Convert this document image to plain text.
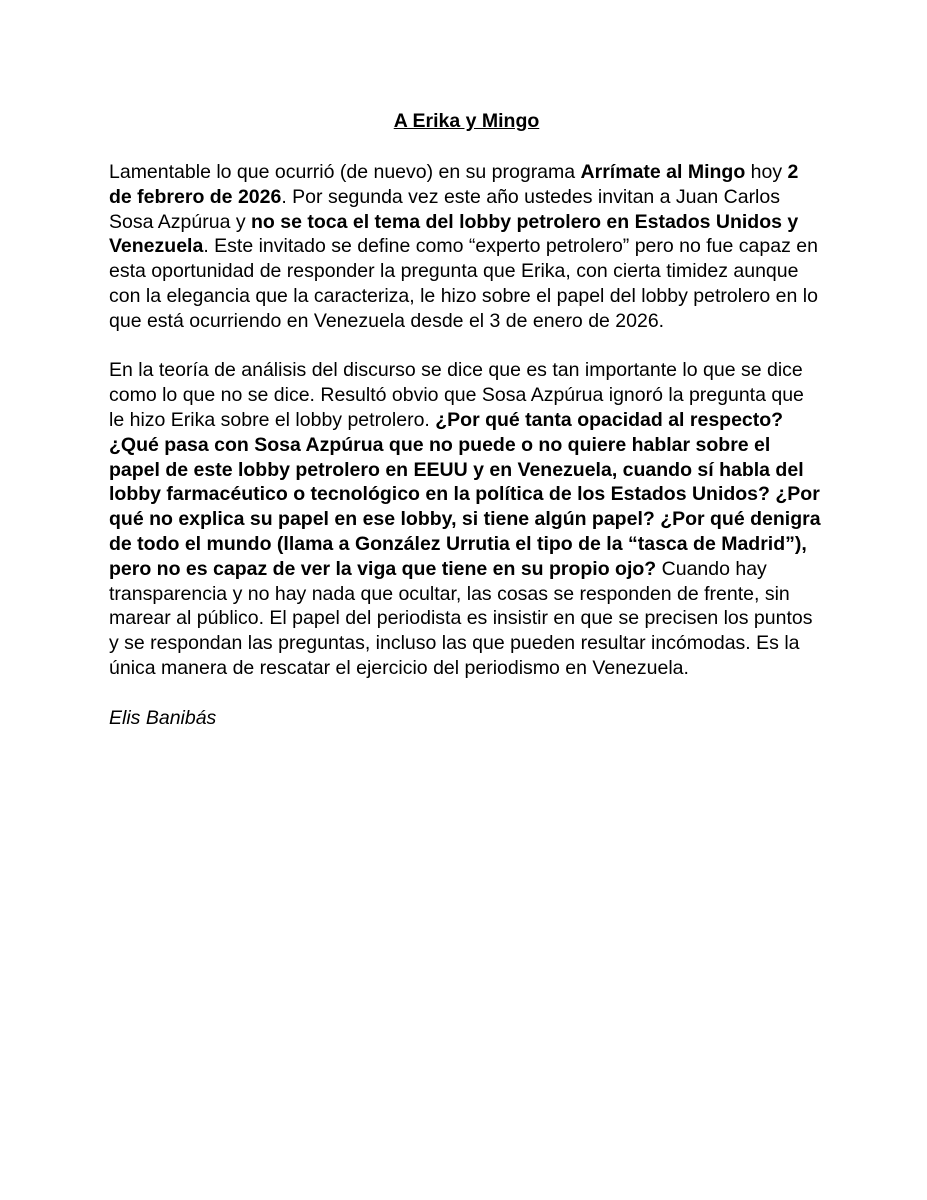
A Erika y Mingo

Lamentable lo que ocurrió (de nuevo) en su programa Arrímate al Mingo hoy 2 de febrero de 2026. Por segunda vez este año ustedes invitan a Juan Carlos Sosa Azpúrua y no se toca el tema del lobby petrolero en Estados Unidos y Venezuela. Este invitado se define como “experto petrolero” pero no fue capaz en esta oportunidad de responder la pregunta que Erika, con cierta timidez aunque con la elegancia que la caracteriza, le hizo sobre el papel del lobby petrolero en lo que está ocurriendo en Venezuela desde el 3 de enero de 2026.

En la teoría de análisis del discurso se dice que es tan importante lo que se dice como lo que no se dice. Resultó obvio que Sosa Azpúrua ignoró la pregunta que le hizo Erika sobre el lobby petrolero. ¿Por qué tanta opacidad al respecto? ¿Qué pasa con Sosa Azpúrua que no puede o no quiere hablar sobre el papel de este lobby petrolero en EEUU y en Venezuela, cuando sí habla del lobby farmacéutico o tecnológico en la política de los Estados Unidos? ¿Por qué no explica su papel en ese lobby, si tiene algún papel? ¿Por qué denigra de todo el mundo (llama a González Urrutia el tipo de la “tasca de Madrid”), pero no es capaz de ver la viga que tiene en su propio ojo? Cuando hay transparencia y no hay nada que ocultar, las cosas se responden de frente, sin marear al público. El papel del periodista es insistir en que se precisen los puntos y se respondan las preguntas, incluso las que pueden resultar incómodas. Es la única manera de rescatar el ejercicio del periodismo en Venezuela.

Elis Banibás
